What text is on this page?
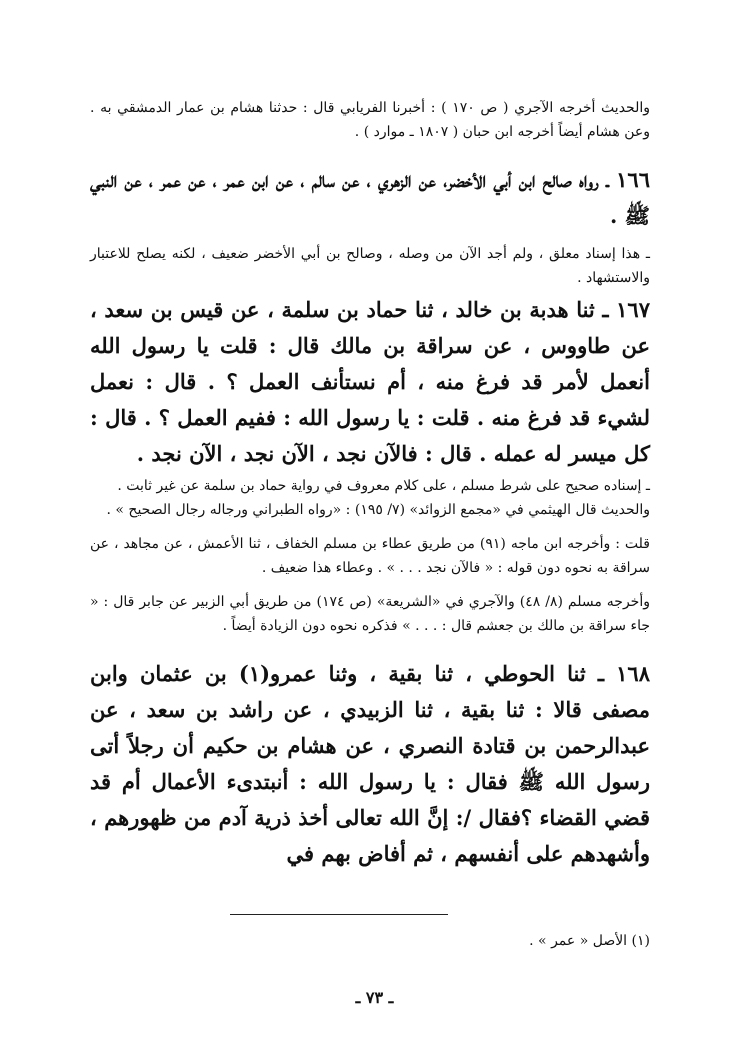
والحديث أخرجه الآجري ( ص ١٧٠ ) : أخبرنا الفريابي قال : حدثنا هشام بن عمار الدمشقي به . وعن هشام أيضاً أخرجه ابن حبان ( ١٨٠٧ ـ موارد ) .

١٦٦ ـ رواه صالح ابن أبي الأخضر، عن الزهري ، عن سالم ، عن ابن عمر ، عن عمر ، عن النبي ﷺ .

ـ هذا إسناد معلق ، ولم أجد الآن من وصله ، وصالح بن أبي الأخضر ضعيف ، لكنه يصلح للاعتبار والاستشهاد .

١٦٧ ـ ثنا هدبة بن خالد ، ثنا حماد بن سلمة ، عن قيس بن سعد ، عن طاووس ، عن سراقة بن مالك قال : قلت يا رسول الله أنعمل لأمر قد فرغ منه ، أم نستأنف العمل ؟ . قال : نعمل لشيء قد فرغ منه . قلت : يا رسول الله : ففيم العمل ؟ . قال : كل ميسر له عمله . قال : فالآن نجد ، الآن نجد ، الآن نجد .

ـ إسناده صحيح على شرط مسلم ، على كلام معروف في رواية حماد بن سلمة عن غير ثابت .

والحديث قال الهيثمي في «مجمع الزوائد» (٧/ ١٩٥) : «رواه الطبراني ورجاله رجال الصحيح » .

قلت : وأخرجه ابن ماجه (٩١) من طريق عطاء بن مسلم الخفاف ، ثنا الأعمش ، عن مجاهد ، عن سراقة به نحوه دون قوله : « فالآن نجد . . . » . وعطاء هذا ضعيف .

وأخرجه مسلم (٨/ ٤٨) والآجري في «الشريعة» (ص ١٧٤) من طريق أبي الزبير عن جابر قال : « جاء سراقة بن مالك بن جعشم قال : . . . » فذكره نحوه دون الزيادة أيضاً .

١٦٨ ـ ثنا الحوطي ، ثنا بقية ، وثنا عمرو(١) بن عثمان وابن مصفى قالا : ثنا بقية ، ثنا الزبيدي ، عن راشد بن سعد ، عن عبدالرحمن بن قتادة النصري ، عن هشام بن حكيم أن رجلاً أتى رسول الله ﷺ فقال : يا رسول الله : أنبتدىء الأعمال أم قد قضي القضاء ؟فقال /: إنَّ الله تعالى أخذ ذرية آدم من ظهورهم ، وأشهدهم على أنفسهم ، ثم أفاض بهم في

(١) الأصل « عمر » .
ـ ٧٣ ـ
